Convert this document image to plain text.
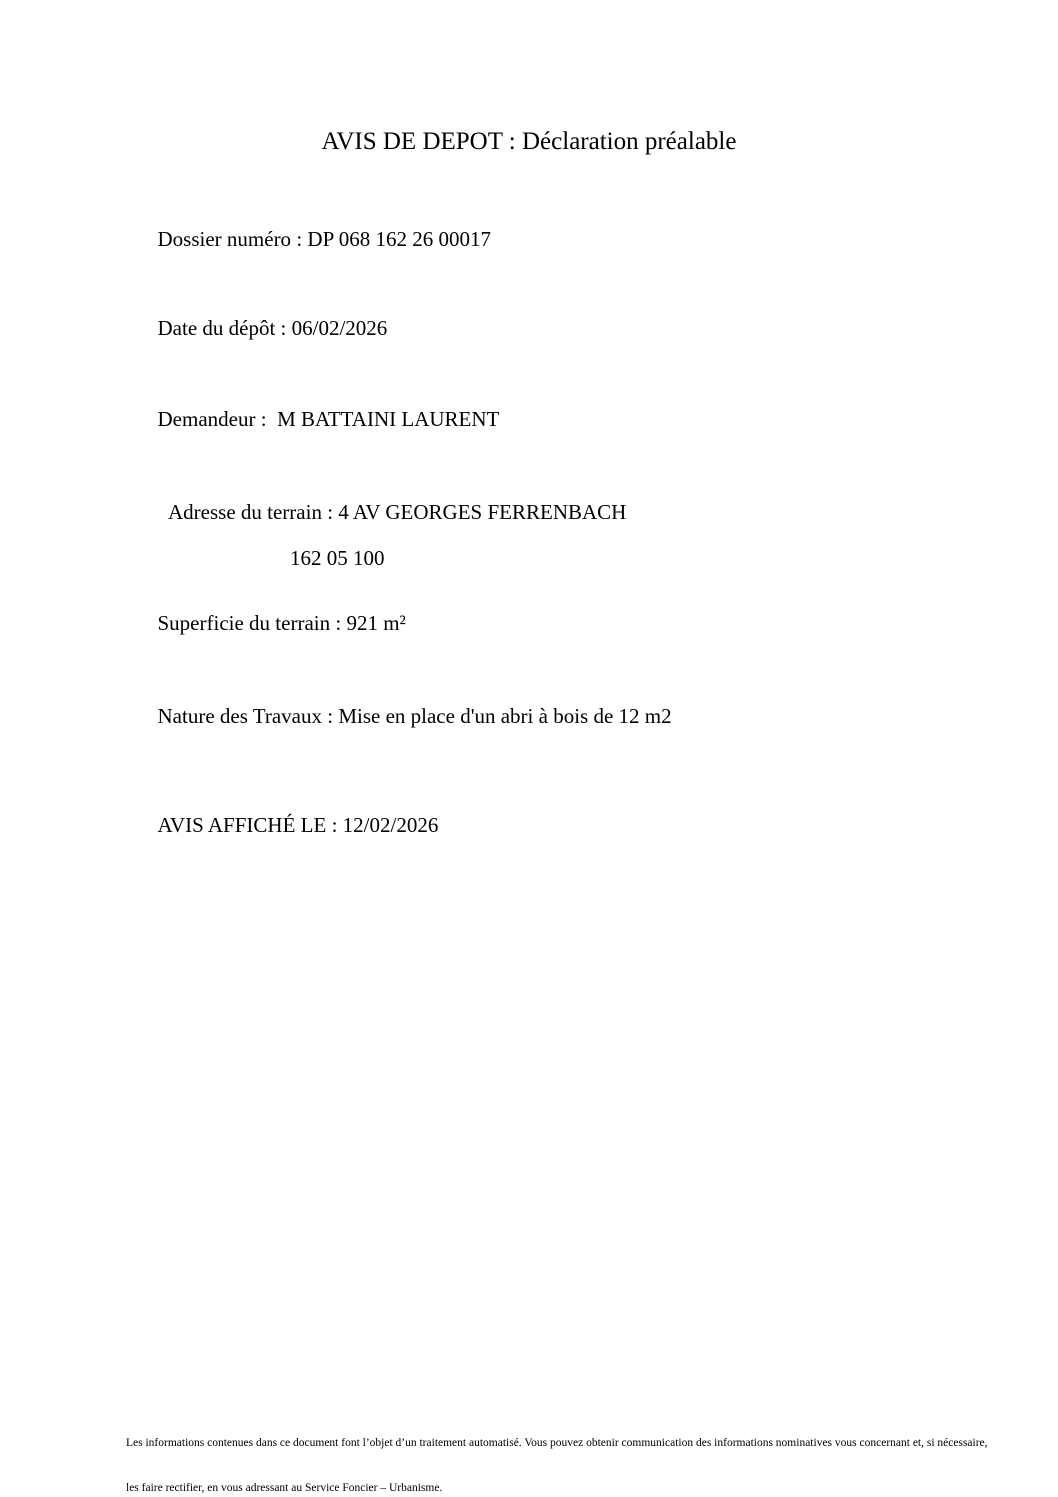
AVIS DE DEPOT : Déclaration préalable

Dossier numéro : DP 068 162 26 00017

Date du dépôt : 06/02/2026

Demandeur :  M BATTAINI LAURENT

Adresse du terrain : 4 AV GEORGES FERRENBACH

162 05 100

Superficie du terrain : 921 m²

Nature des Travaux : Mise en place d'un abri à bois de 12 m2

AVIS AFFICHÉ LE : 12/02/2026

Les informations contenues dans ce document font l’objet d’un traitement automatisé. Vous pouvez obtenir communication des informations nominatives vous concernant et, si nécessaire,

les faire rectifier, en vous adressant au Service Foncier – Urbanisme.
